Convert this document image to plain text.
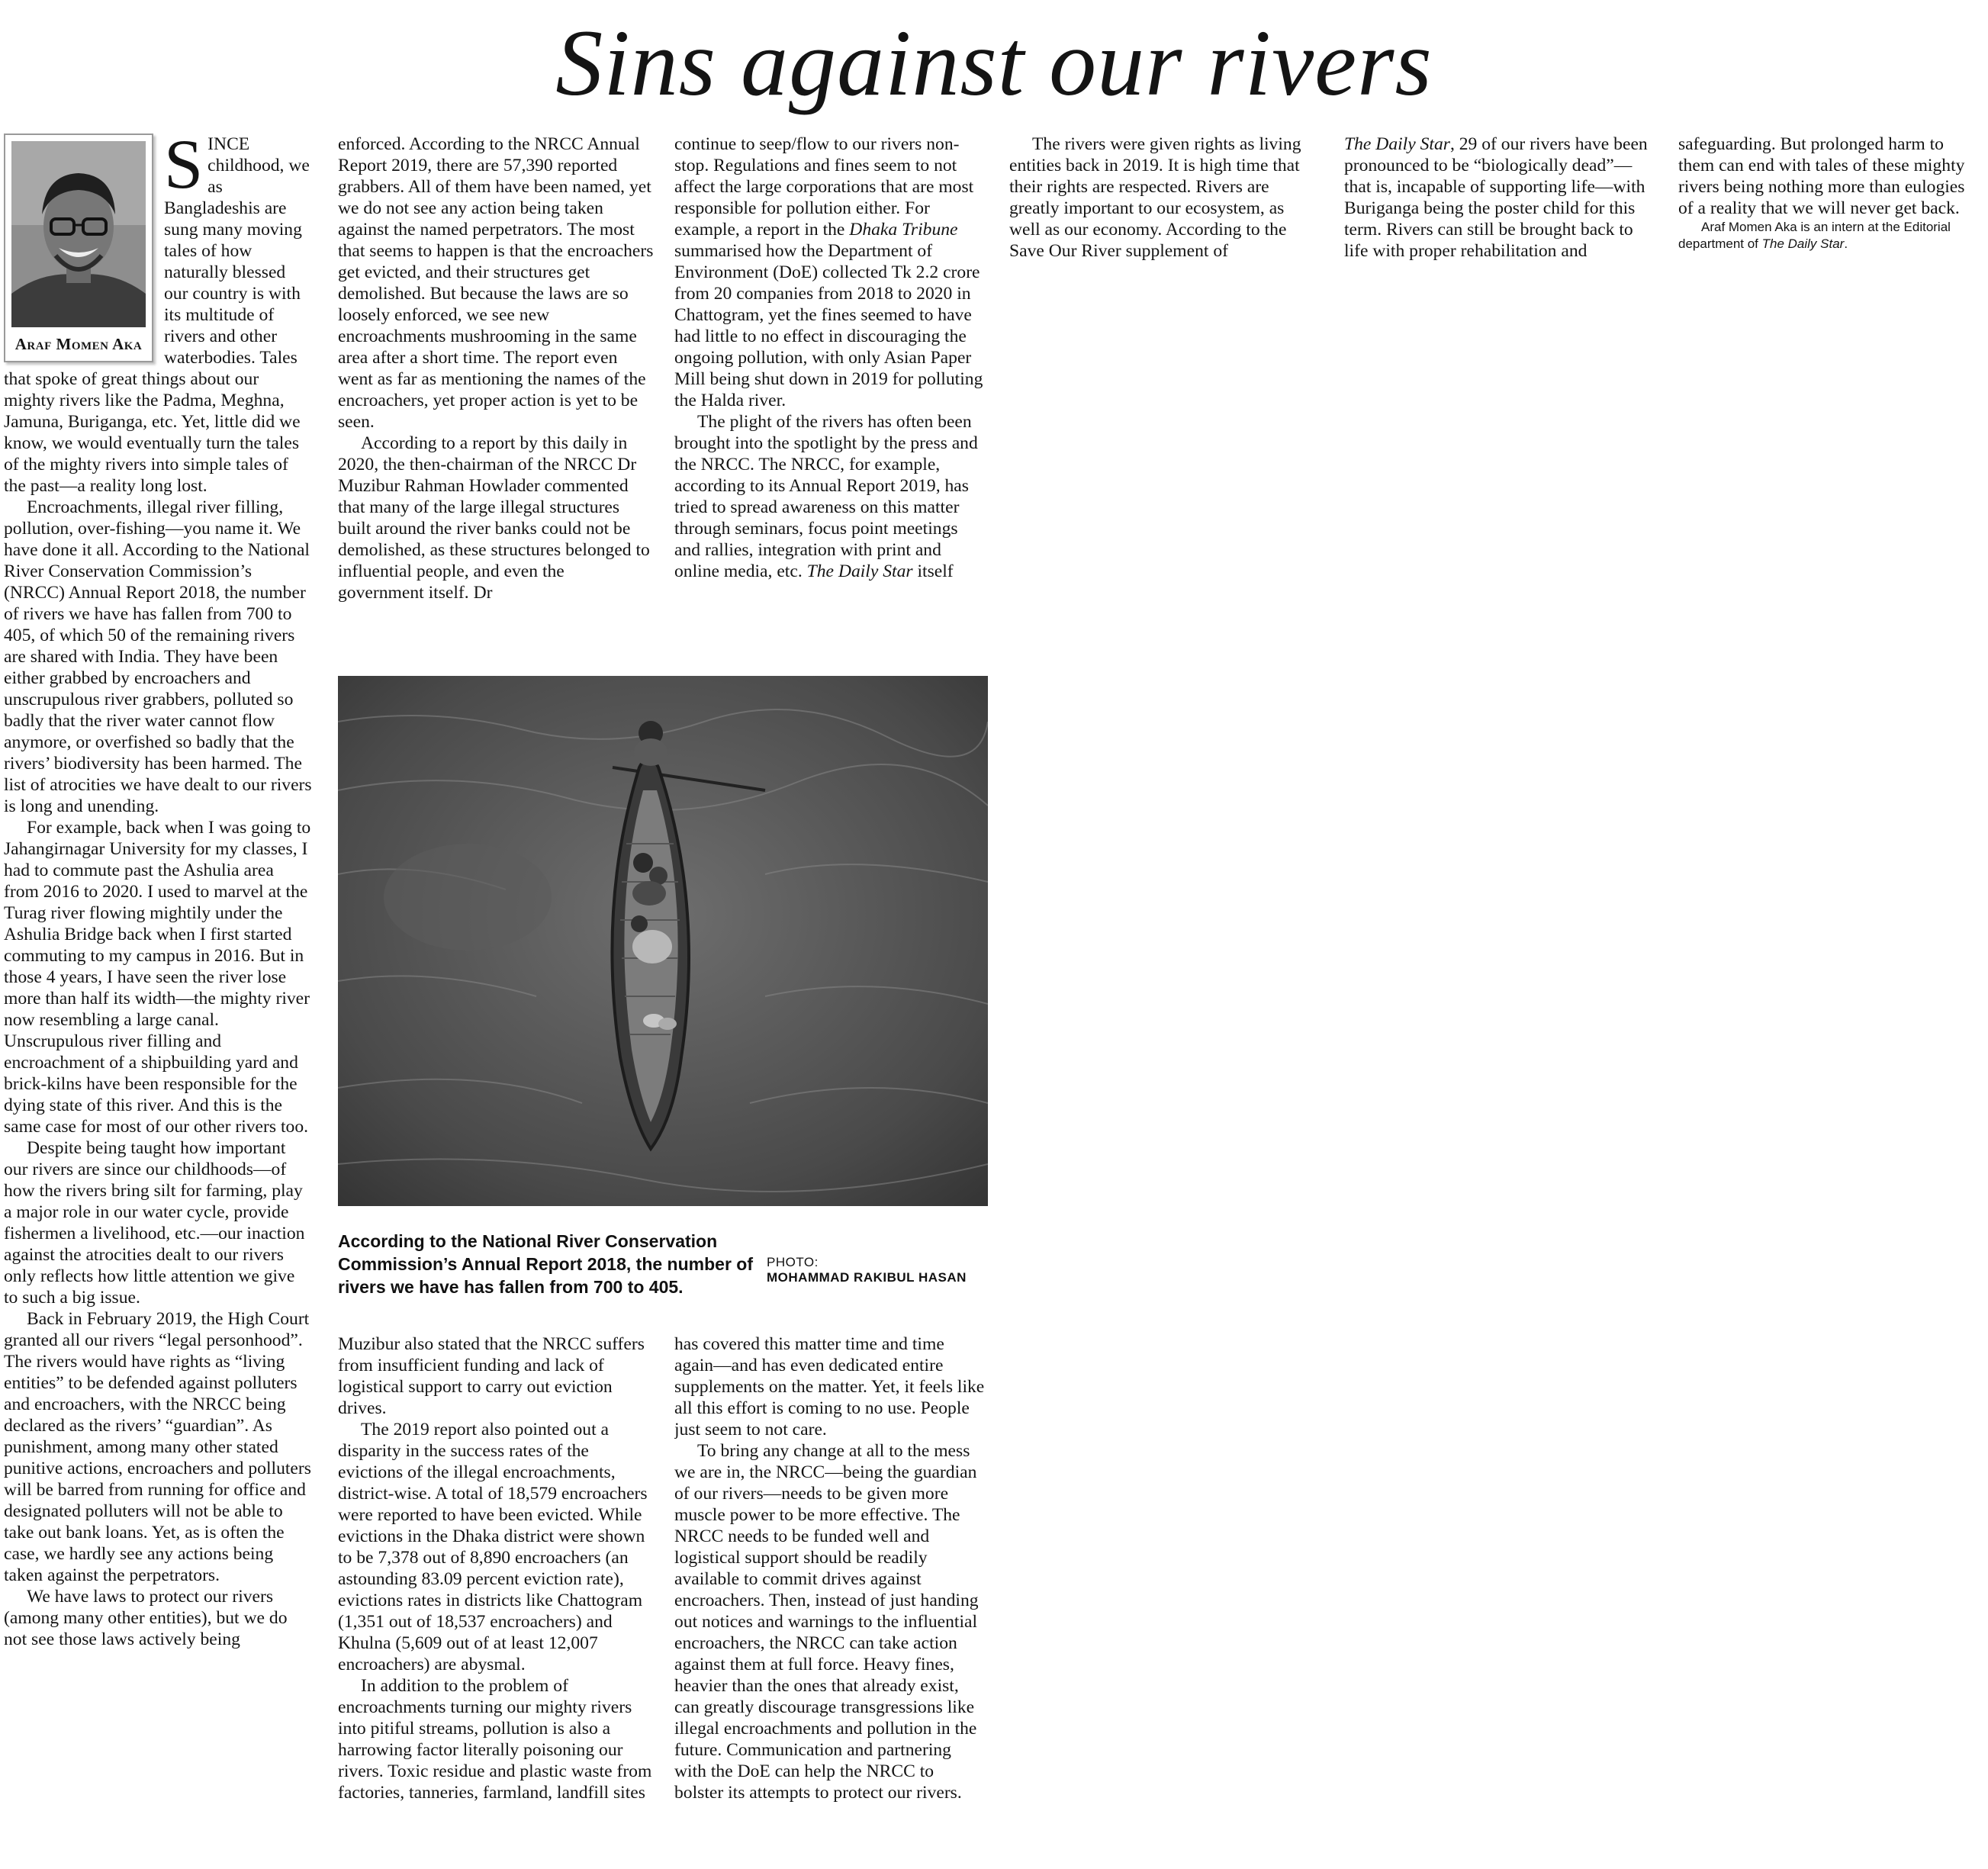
Sins against our rivers
Araf Momen Aka

SINCE childhood, we as Bangladeshis are sung many moving tales of how naturally blessed our country is with its multitude of rivers and other waterbodies. Tales that spoke of great things about our mighty rivers like the Padma, Meghna, Jamuna, Buriganga, etc. Yet, little did we know, we would eventually turn the tales of the mighty rivers into simple tales of the past—a reality long lost.

Encroachments, illegal river filling, pollution, over-fishing—you name it. We have done it all. According to the National River Conservation Commission’s (NRCC) Annual Report 2018, the number of rivers we have has fallen from 700 to 405, of which 50 of the remaining rivers are shared with India. They have been either grabbed by encroachers and unscrupulous river grabbers, polluted so badly that the river water cannot flow anymore, or overfished so badly that the rivers’ biodiversity has been harmed. The list of atrocities we have dealt to our rivers is long and unending.

For example, back when I was going to Jahangirnagar University for my classes, I had to commute past the Ashulia area from 2016 to 2020. I used to marvel at the Turag river flowing mightily under the Ashulia Bridge back when I first started commuting to my campus in 2016. But in those 4 years, I have seen the river lose more than half its width—the mighty river now resembling a large canal. Unscrupulous river filling and encroachment of a shipbuilding yard and brick-kilns have been responsible for the dying state of this river. And this is the same case for most of our other rivers too.

Despite being taught how important our rivers are since our childhoods—of how the rivers bring silt for farming, play a major role in our water cycle, provide fishermen a livelihood, etc.—our inaction against the atrocities dealt to our rivers only reflects how little attention we give to such a big issue.

Back in February 2019, the High Court granted all our rivers “legal personhood”. The rivers would have rights as “living entities” to be defended against polluters and encroachers, with the NRCC being declared as the rivers’ “guardian”. As punishment, among many other stated punitive actions, encroachers and polluters will be barred from running for office and designated polluters will not be able to take out bank loans. Yet, as is often the case, we hardly see any actions being taken against the perpetrators.

We have laws to protect our rivers (among many other entities), but we do not see those laws actively being

enforced. According to the NRCC Annual Report 2019, there are 57,390 reported grabbers. All of them have been named, yet we do not see any action being taken against the named perpetrators. The most that seems to happen is that the encroachers get evicted, and their structures get demolished. But because the laws are so loosely enforced, we see new encroachments mushrooming in the same area after a short time. The report even went as far as mentioning the names of the encroachers, yet proper action is yet to be seen.

According to a report by this daily in 2020, the then-chairman of the NRCC Dr Muzibur Rahman Howlader commented that many of the large illegal structures built around the river banks could not be demolished, as these structures belonged to influential people, and even the government itself. Dr

continue to seep/flow to our rivers non-stop. Regulations and fines seem to not affect the large corporations that are most responsible for pollution either. For example, a report in the Dhaka Tribune summarised how the Department of Environment (DoE) collected Tk 2.2 crore from 20 companies from 2018 to 2020 in Chattogram, yet the fines seemed to have had little to no effect in discouraging the ongoing pollution, with only Asian Paper Mill being shut down in 2019 for polluting the Halda river.

The plight of the rivers has often been brought into the spotlight by the press and the NRCC. The NRCC, for example, according to its Annual Report 2019, has tried to spread awareness on this matter through seminars, focus point meetings and rallies, integration with print and online media, etc. The Daily Star itself

According to the National River Conservation Commission’s Annual Report 2018, the number of rivers we have has fallen from 700 to 405.
PHOTO:
MOHAMMAD RAKIBUL HASAN

Muzibur also stated that the NRCC suffers from insufficient funding and lack of logistical support to carry out eviction drives.

The 2019 report also pointed out a disparity in the success rates of the evictions of the illegal encroachments, district-wise. A total of 18,579 encroachers were reported to have been evicted. While evictions in the Dhaka district were shown to be 7,378 out of 8,890 encroachers (an astounding 83.09 percent eviction rate), evictions rates in districts like Chattogram (1,351 out of 18,537 encroachers) and Khulna (5,609 out of at least 12,007 encroachers) are abysmal.

In addition to the problem of encroachments turning our mighty rivers into pitiful streams, pollution is also a harrowing factor literally poisoning our rivers. Toxic residue and plastic waste from factories, tanneries, farmland, landfill sites

has covered this matter time and time again—and has even dedicated entire supplements on the matter. Yet, it feels like all this effort is coming to no use. People just seem to not care.

To bring any change at all to the mess we are in, the NRCC—being the guardian of our rivers—needs to be given more muscle power to be more effective. The NRCC needs to be funded well and logistical support should be readily available to commit drives against encroachers. Then, instead of just handing out notices and warnings to the influential encroachers, the NRCC can take action against them at full force. Heavy fines, heavier than the ones that already exist, can greatly discourage transgressions like illegal encroachments and pollution in the future. Communication and partnering with the DoE can help the NRCC to bolster its attempts to protect our rivers.

The rivers were given rights as living entities back in 2019. It is high time that their rights are respected. Rivers are greatly important to our ecosystem, as well as our economy. According to the Save Our River supplement of

The Daily Star, 29 of our rivers have been pronounced to be “biologically dead”—that is, incapable of supporting life—with Buriganga being the poster child for this term. Rivers can still be brought back to life with proper rehabilitation and

safeguarding. But prolonged harm to them can end with tales of these mighty rivers being nothing more than eulogies of a reality that we will never get back.

Araf Momen Aka is an intern at the Editorial department of The Daily Star.
